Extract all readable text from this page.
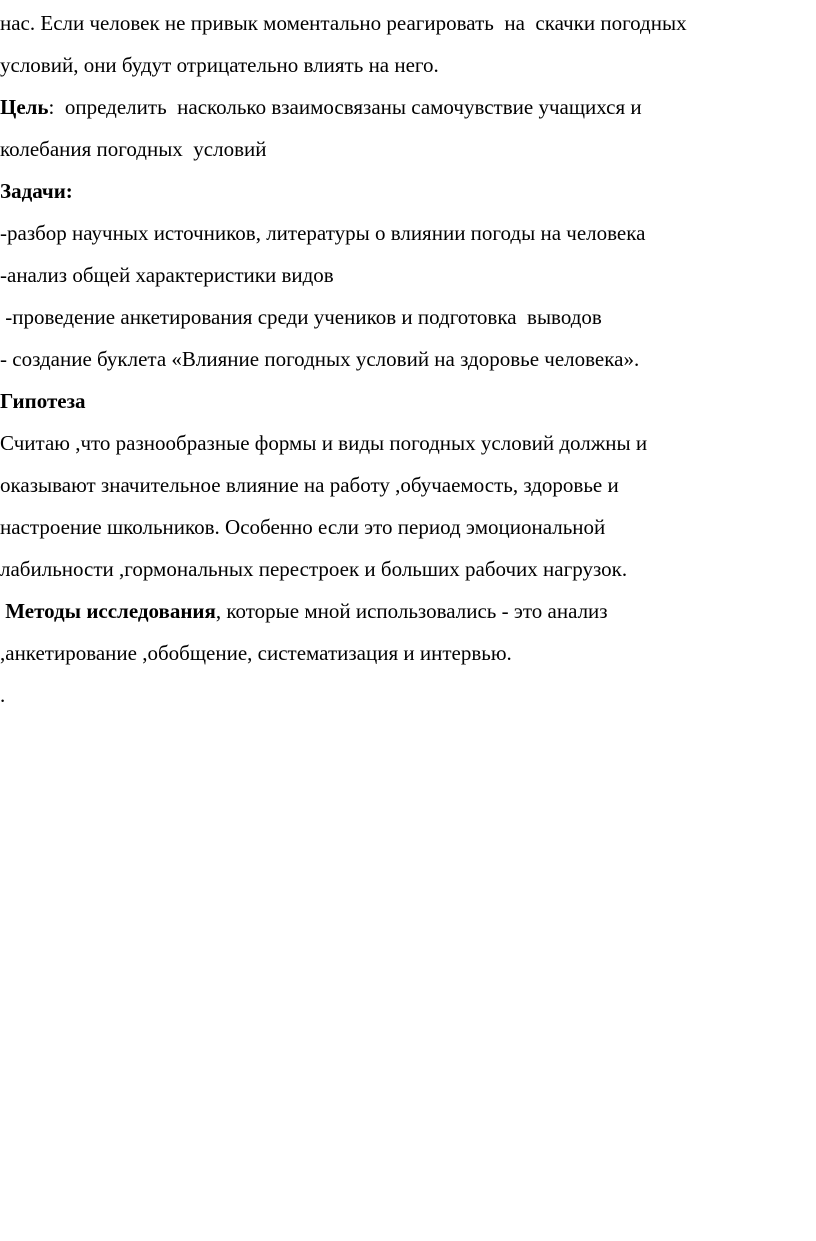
нас. Если человек не привык моментально реагировать  на  скачки погодных

условий, они будут отрицательно влиять на него.

Цель:  определить  насколько взаимосвязаны самочувствие учащихся и

колебания погодных  условий

Задачи:

-разбор научных источников, литературы о влиянии погоды на человека

-анализ общей характеристики видов

-проведение анкетирования среди учеников и подготовка  выводов

- создание буклета «Влияние погодных условий на здоровье человека».

Гипотеза

Считаю ,что разнообразные формы и виды погодных условий должны и

оказывают значительное влияние на работу ,обучаемость, здоровье и

настроение школьников. Особенно если это период эмоциональной

лабильности ,гормональных перестроек и больших рабочих нагрузок.

Методы исследования, которые мной использовались - это анализ

,анкетирование ,обобщение, систематизация и интервью.

.
